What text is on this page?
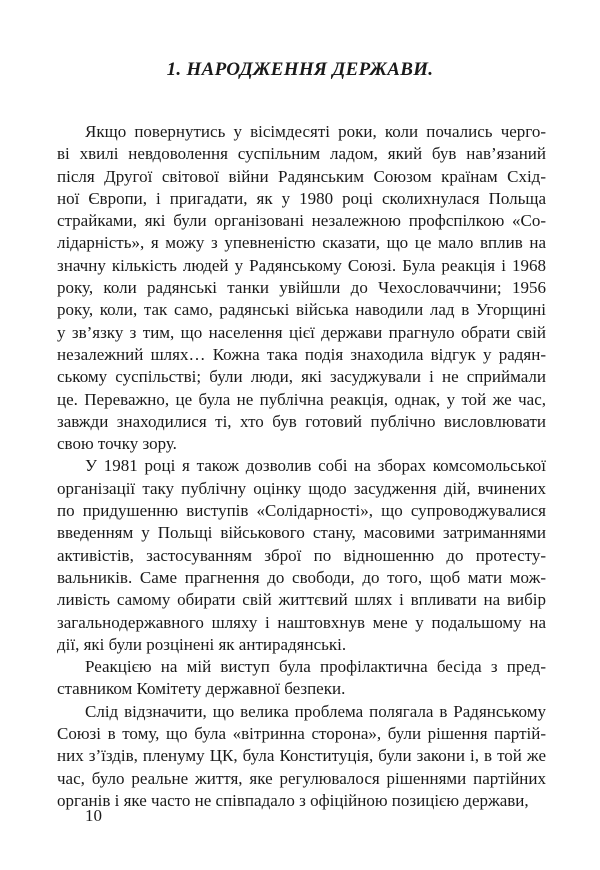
1. НАРОДЖЕННЯ ДЕРЖАВИ.
Якщо повернутись у вісімдесяті роки, коли почались черго-
ві хвилі невдоволення суспільним ладом, який був нав’язаний
після Другої світової війни Радянським Союзом країнам Схід-
ної Європи, і пригадати, як у 1980 році сколихнулася Польща
страйками, які були організовані незалежною профспілкою «Со-
лідарність», я можу з упевненістю сказати, що це мало вплив на
значну кількість людей у Радянському Союзі. Була реакція і 1968
року, коли радянські танки увійшли до Чехословаччини; 1956
року, коли, так само, радянські війська наводили лад в Угорщині
у зв’язку з тим, що населення цієї держави прагнуло обрати свій
незалежний шлях… Кожна така подія знаходила відгук у радян-
ському суспільстві; були люди, які засуджували і не сприймали
це. Переважно, це була не публічна реакція, однак, у той же час,
завжди знаходилися ті, хто був готовий публічно висловлювати
свою точку зору.
У 1981 році я також дозволив собі на зборах комсомольської
організації таку публічну оцінку щодо засудження дій, вчинених
по придушенню виступів «Солідарності», що супроводжувалися
введенням у Польщі військового стану, масовими затриманнями
активістів, застосуванням зброї по відношенню до протесту-
вальників. Саме прагнення до свободи, до того, щоб мати мож-
ливість самому обирати свій життєвий шлях і впливати на вибір
загальнодержавного шляху і наштовхнув мене у подальшому на
дії, які були розцінені як антирадянські.
Реакцією на мій виступ була профілактична бесіда з пред-
ставником Комітету державної безпеки.
Слід відзначити, що велика проблема полягала в Радянському
Союзі в тому, що була «вітринна сторона», були рішення партій-
них з’їздів, пленуму ЦК, була Конституція, були закони і, в той же
час, було реальне життя, яке регулювалося рішеннями партійних
органів і яке часто не співпадало з офіційною позицією держави,
10
